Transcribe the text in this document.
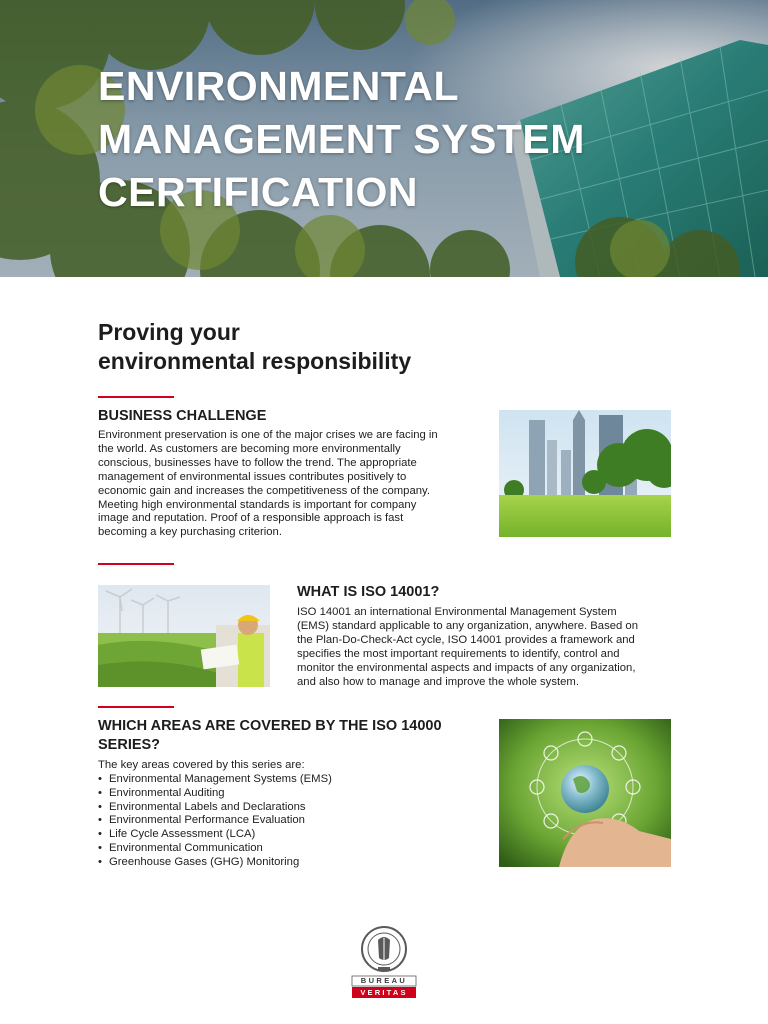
ENVIRONMENTAL
MANAGEMENT SYSTEM
CERTIFICATION
Proving your
environmental responsibility
BUSINESS CHALLENGE
Environment preservation is one of the major crises we are facing in
the world. As customers are becoming more environmentally
conscious, businesses have to follow the trend. The appropriate
management of environmental issues contributes positively to
economic gain and increases the competitiveness of the company.
Meeting high environmental standards is important for company
image and reputation. Proof of a responsible approach is fast
becoming a key purchasing criterion.
WHAT IS ISO 14001?
ISO 14001 an international Environmental Management System
(EMS) standard applicable to any organization, anywhere. Based on
the Plan-Do-Check-Act cycle, ISO 14001 provides a framework and
specifies the most important requirements to identify, control and
monitor the environmental aspects and impacts of any organization,
and also how to manage and improve the whole system.
WHICH AREAS ARE COVERED BY THE ISO 14000
SERIES?
The key areas covered by this series are:
• Environmental Management Systems (EMS)
• Environmental Auditing
• Environmental Labels and Declarations
• Environmental Performance Evaluation
• Life Cycle Assessment (LCA)
• Environmental Communication
• Greenhouse Gases (GHG) Monitoring
BUREAU
VERITAS
